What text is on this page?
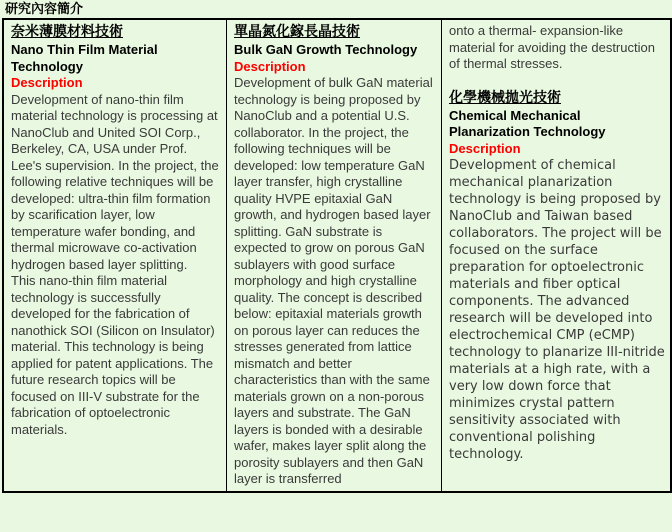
研究內容簡介
奈米薄膜材料技術
Nano Thin Film Material Technology
Description
Development of nano-thin film material technology is processing at NanoClub and United SOI Corp., Berkeley, CA, USA under Prof. Lee's supervision. In the project, the following relative techniques will be developed: ultra-thin film formation by scarification layer, low temperature wafer bonding, and thermal microwave co-activation hydrogen based layer splitting.
This nano-thin film material technology is successfully developed for the fabrication of nanothick SOI (Silicon on Insulator) material. This technology is being applied for patent applications. The future research topics will be focused on III-V substrate for the fabrication of optoelectronic materials.

單晶氮化鎵長晶技術
Bulk GaN Growth Technology
Description
Development of bulk GaN material technology is being proposed by NanoClub and a potential U.S. collaborator. In the project, the following techniques will be developed: low temperature GaN layer transfer, high crystalline quality HVPE epitaxial GaN growth, and hydrogen based layer splitting. GaN substrate is expected to grow on porous GaN sublayers with good surface morphology and high crystalline quality. The concept is described below: epitaxial materials growth on porous layer can reduces the stresses generated from lattice mismatch and better characteristics than with the same materials grown on a non-porous layers and substrate. The GaN layers is bonded with a desirable wafer, makes layer split along the porosity sublayers and then GaN layer is transferred

onto a thermal- expansion-like material for avoiding the destruction of thermal stresses.
化學機械拋光技術
Chemical Mechanical Planarization Technology
Description
Development of chemical mechanical planarization technology is being proposed by NanoClub and Taiwan based collaborators. The project will be focused on the surface preparation for optoelectronic materials and fiber optical components. The advanced research will be developed into electrochemical CMP (eCMP) technology to planarize III-nitride materials at a high rate, with a very low down force that minimizes crystal pattern sensitivity associated with conventional polishing technology.
